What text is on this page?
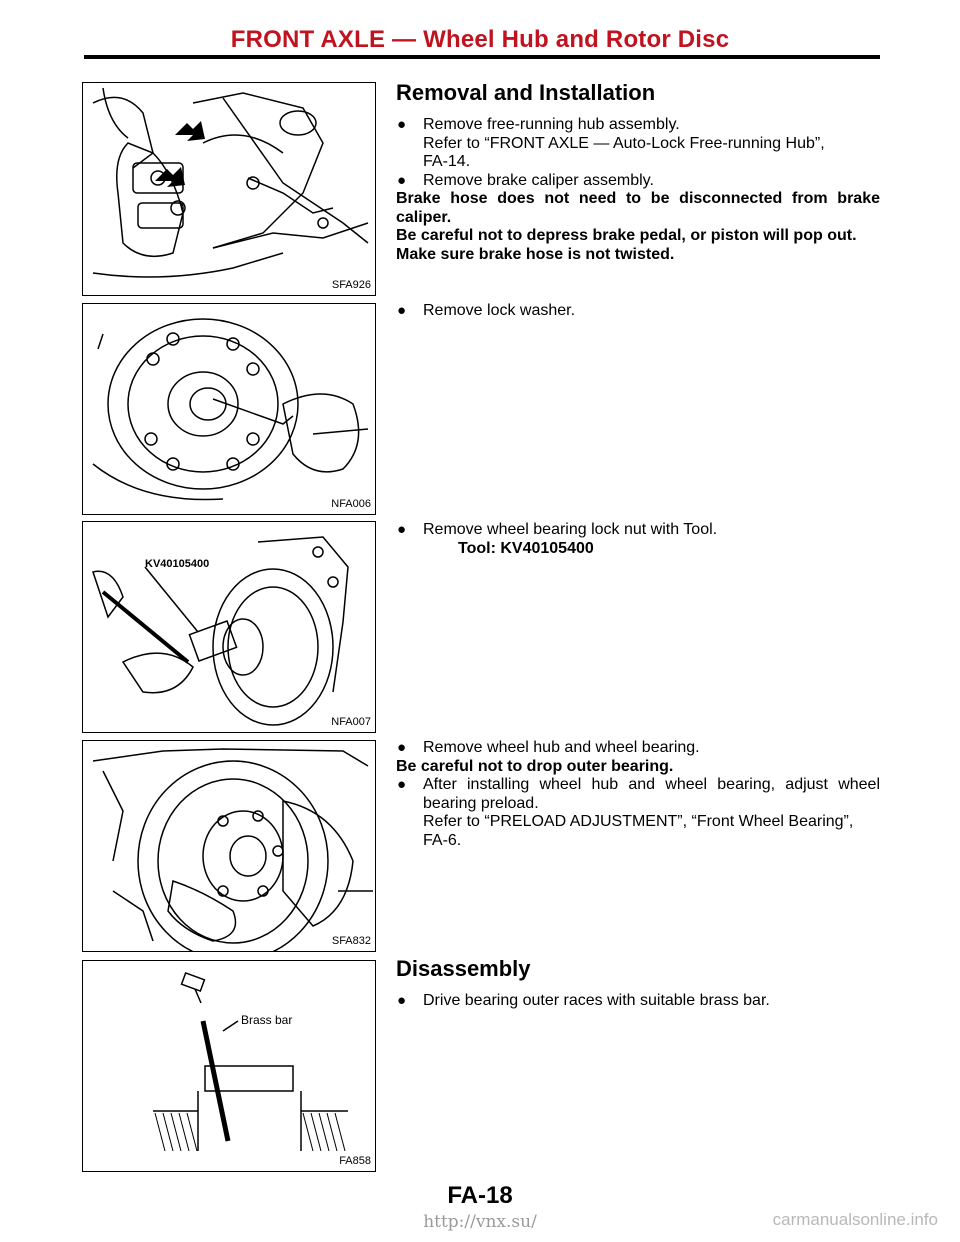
FRONT AXLE — Wheel Hub and Rotor Disc
SFA926
NFA006
KV40105400
NFA007
SFA832
Brass bar
FA858
Removal and Installation
● Remove free-running hub assembly.
Refer to “FRONT AXLE — Auto-Lock Free-running Hub”,
FA-14.
● Remove brake caliper assembly.
Brake hose does not need to be disconnected from brake caliper.
Be careful not to depress brake pedal, or piston will pop out.
Make sure brake hose is not twisted.
● Remove lock washer.
● Remove wheel bearing lock nut with Tool.
Tool: KV40105400
● Remove wheel hub and wheel bearing.
Be careful not to drop outer bearing.
● After installing wheel hub and wheel bearing, adjust wheel bearing preload.
Refer to “PRELOAD ADJUSTMENT”, “Front Wheel Bearing”,
FA-6.
Disassembly
● Drive bearing outer races with suitable brass bar.
FA-18
http://vnx.su/	carmanualsonline.info
